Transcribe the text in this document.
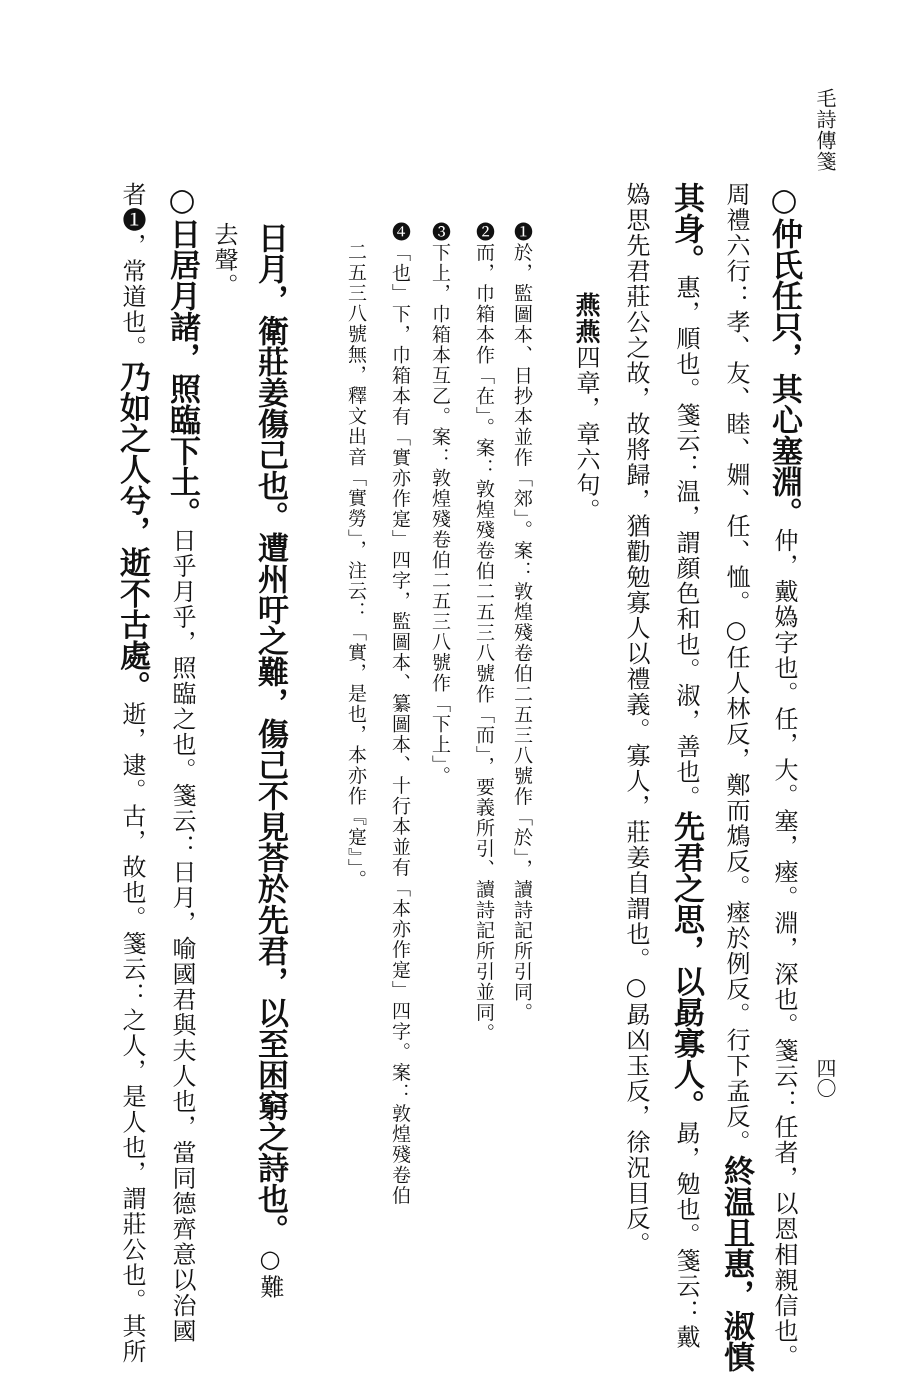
毛詩傳箋
四〇
○仲氏任只，其心塞淵。仲，戴媯字也。任，大。塞，瘞。淵，深也。箋云：任者，以恩相親信也。
周禮六行：孝、友、睦、婣、任、恤。○任人林反，鄭而鴆反。瘞於例反。行下孟反。終温且惠，淑慎
其身。惠，順也。箋云：温，謂顔色和也。淑，善也。先君之思，以勗寡人。勗，勉也。箋云：戴
媯思先君莊公之故，故將歸，猶勸勉寡人以禮義。寡人，莊姜自謂也。○勗凶玉反，徐況目反。
燕燕四章，章六句。
❶於，監圖本、日抄本並作「郊」。案：敦煌殘卷伯二五三八號作「於」，讀詩記所引同。
❷而，巾箱本作「在」。案：敦煌殘卷伯二五三八號作「而」，要義所引、讀詩記所引並同。
❸下上，巾箱本互乙。案：敦煌殘卷伯二五三八號作「下上」。
❹「也」下，巾箱本有「實亦作寔」四字，監圖本、纂圖本、十行本並有「本亦作寔」四字。案：敦煌殘卷伯
二五三八號無，釋文出音「實勞」，注云：「實，是也，本亦作『寔』」。
日月，衛莊姜傷己也。遭州吁之難，傷己不見荅於先君，以至困窮之詩也。○難
去聲。
○日居月諸，照臨下土。日乎月乎，照臨之也。箋云：日月，喻國君與夫人也，當同德齊意以治國
者❶，常道也。乃如之人兮，逝不古處。逝，逮。古，故也。箋云：之人，是人也，謂莊公也。其所
